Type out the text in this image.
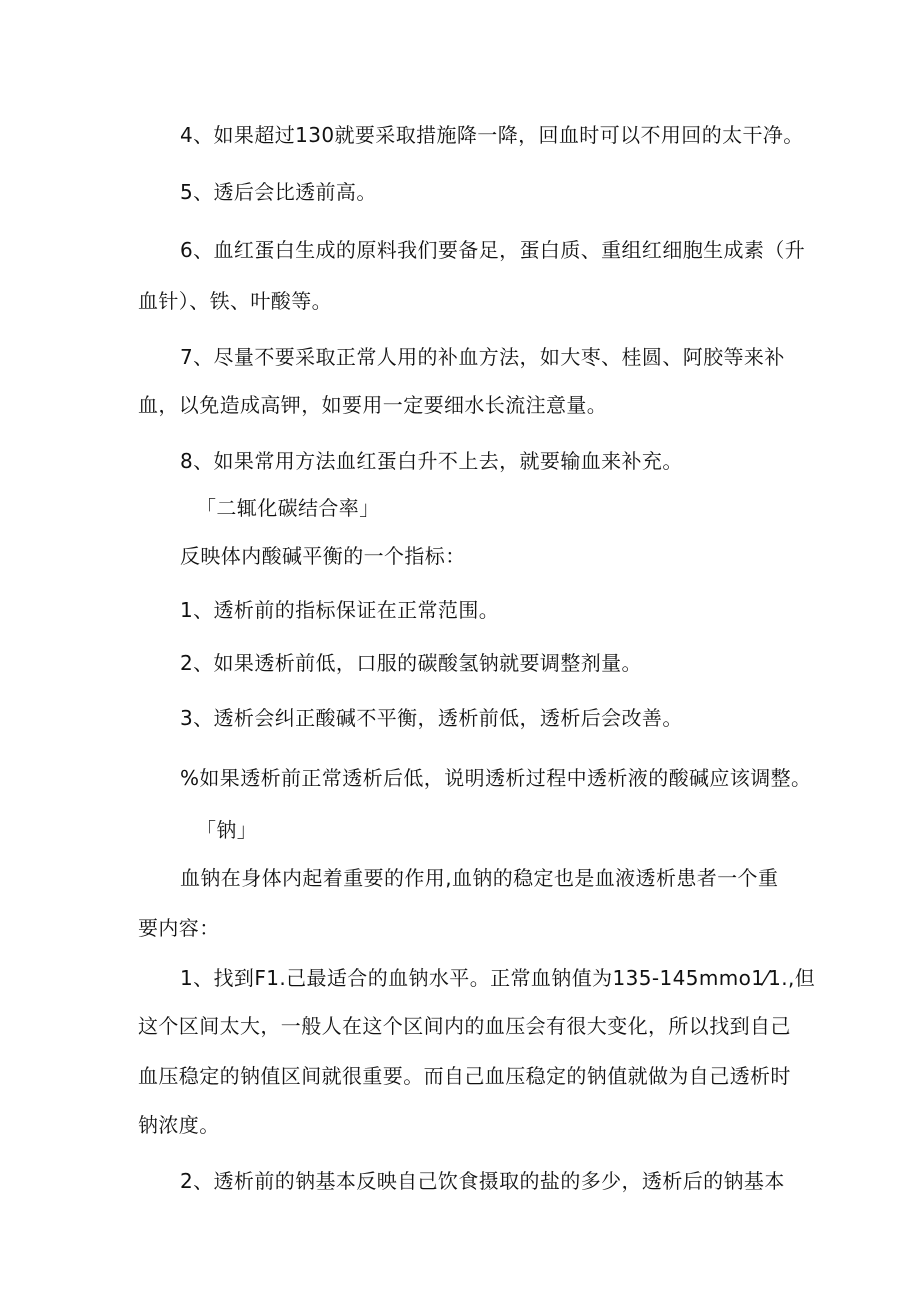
4、如果超过130就要采取措施降一降，回血时可以不用回的太干净。
5、透后会比透前高。
6、血红蛋白生成的原料我们要备足，蛋白质、重组红细胞生成素（升
血针）、铁、叶酸等。
7、尽量不要采取正常人用的补血方法，如大枣、桂圆、阿胶等来补
血，以免造成高钾，如要用一定要细水长流注意量。
8、如果常用方法血红蛋白升不上去，就要输血来补充。
「二辄化碳结合率」
反映体内酸碱平衡的一个指标：
1、透析前的指标保证在正常范围。
2、如果透析前低，口服的碳酸氢钠就要调整剂量。
3、透析会纠正酸碱不平衡，透析前低，透析后会改善。
%如果透析前正常透析后低，说明透析过程中透析液的酸碱应该调整。
「钠」
血钠在身体内起着重要的作用,血钠的稳定也是血液透析患者一个重
要内容：
1、找到F1.己最适合的血钠水平。正常血钠值为135-145mmo1⁄1.,但
这个区间太大，一般人在这个区间内的血压会有很大变化，所以找到自己
血压稳定的钠值区间就很重要。而自己血压稳定的钠值就做为自己透析时
钠浓度。
2、透析前的钠基本反映自己饮食摄取的盐的多少，透析后的钠基本
